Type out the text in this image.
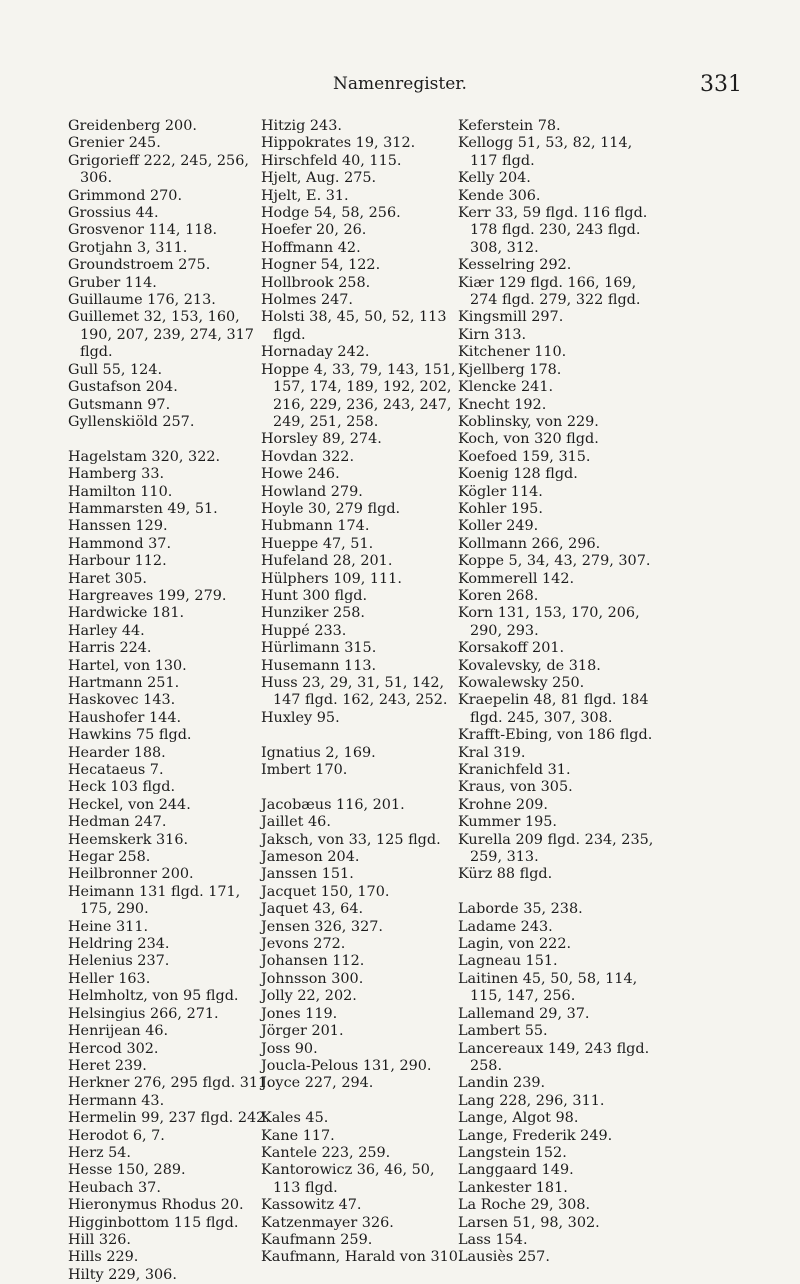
Namenregister.	331
Greidenberg 200.
Grenier 245.
Grigorieff 222, 245, 256, 306.
Grimmond 270.
Grossius 44.
Grosvenor 114, 118.
Grotjahn 3, 311.
Groundstroem 275.
Gruber 114.
Guillaume 176, 213.
Guillemet 32, 153, 160, 190, 207, 239, 274, 317 flgd.
Gull 55, 124.
Gustafson 204.
Gutsmann 97.
Gyllenskiöld 257.
Hagelstam 320, 322.
Hamberg 33.
Hamilton 110.
Hammarsten 49, 51.
Hanssen 129.
Hammond 37.
Harbour 112.
Haret 305.
Hargreaves 199, 279.
Hardwicke 181.
Harley 44.
Harris 224.
Hartel, von 130.
Hartmann 251.
Haskovec 143.
Haushofer 144.
Hawkins 75 flgd.
Hearder 188.
Hecataeus 7.
Heck 103 flgd.
Heckel, von 244.
Hedman 247.
Heemskerk 316.
Hegar 258.
Heilbronner 200.
Heimann 131 flgd. 171, 175, 290.
Heine 311.
Heldring 234.
Helenius 237.
Heller 163.
Helmholtz, von 95 flgd.
Helsingius 266, 271.
Henrijean 46.
Hercod 302.
Heret 239.
Herkner 276, 295 flgd. 311.
Hermann 43.
Hermelin 99, 237 flgd. 242.
Herodot 6, 7.
Herz 54.
Hesse 150, 289.
Heubach 37.
Hieronymus Rhodus 20.
Higginbottom 115 flgd.
Hill 326.
Hills 229.
Hilty 229, 306.
Hitzig 243.
Hippokrates 19, 312.
Hirschfeld 40, 115.
Hjelt, Aug. 275.
Hjelt, E. 31.
Hodge 54, 58, 256.
Hoefer 20, 26.
Hoffmann 42.
Hogner 54, 122.
Hollbrook 258.
Holmes 247.
Holsti 38, 45, 50, 52, 113 flgd.
Hornaday 242.
Hoppe 4, 33, 79, 143, 151, 157, 174, 189, 192, 202, 216, 229, 236, 243, 247, 249, 251, 258.
Horsley 89, 274.
Hovdan 322.
Howe 246.
Howland 279.
Hoyle 30, 279 flgd.
Hubmann 174.
Hueppe 47, 51.
Hufeland 28, 201.
Hülphers 109, 111.
Hunt 300 flgd.
Hunziker 258.
Huppé 233.
Hürlimann 315.
Husemann 113.
Huss 23, 29, 31, 51, 142, 147 flgd. 162, 243, 252.
Huxley 95.
Ignatius 2, 169.
Imbert 170.
Jacobæus 116, 201.
Jaillet 46.
Jaksch, von 33, 125 flgd.
Jameson 204.
Janssen 151.
Jacquet 150, 170.
Jaquet 43, 64.
Jensen 326, 327.
Jevons 272.
Johansen 112.
Johnsson 300.
Jolly 22, 202.
Jones 119.
Jörger 201.
Joss 90.
Joucla-Pelous 131, 290.
Joyce 227, 294.
Kales 45.
Kane 117.
Kantele 223, 259.
Kantorowicz 36, 46, 50, 113 flgd.
Kassowitz 47.
Katzenmayer 326.
Kaufmann 259.
Kaufmann, Harald von 310.
Keferstein 78.
Kellogg 51, 53, 82, 114, 117 flgd.
Kelly 204.
Kende 306.
Kerr 33, 59 flgd. 116 flgd. 178 flgd. 230, 243 flgd. 308, 312.
Kesselring 292.
Kiær 129 flgd. 166, 169, 274 flgd. 279, 322 flgd.
Kingsmill 297.
Kirn 313.
Kitchener 110.
Kjellberg 178.
Klencke 241.
Knecht 192.
Koblinsky, von 229.
Koch, von 320 flgd.
Koefoed 159, 315.
Koenig 128 flgd.
Kögler 114.
Kohler 195.
Koller 249.
Kollmann 266, 296.
Koppe 5, 34, 43, 279, 307.
Kommerell 142.
Koren 268.
Korn 131, 153, 170, 206, 290, 293.
Korsakoff 201.
Kovalevsky, de 318.
Kowalewsky 250.
Kraepelin 48, 81 flgd. 184 flgd. 245, 307, 308.
Krafft-Ebing, von 186 flgd.
Kral 319.
Kranichfeld 31.
Kraus, von 305.
Krohne 209.
Kummer 195.
Kurella 209 flgd. 234, 235, 259, 313.
Kürz 88 flgd.
Laborde 35, 238.
Ladame 243.
Lagin, von 222.
Lagneau 151.
Laitinen 45, 50, 58, 114, 115, 147, 256.
Lallemand 29, 37.
Lambert 55.
Lancereaux 149, 243 flgd. 258.
Landin 239.
Lang 228, 296, 311.
Lange, Algot 98.
Lange, Frederik 249.
Langstein 152.
Langgaard 149.
Lankester 181.
La Roche 29, 308.
Larsen 51, 98, 302.
Lass 154.
Lausiès 257.
